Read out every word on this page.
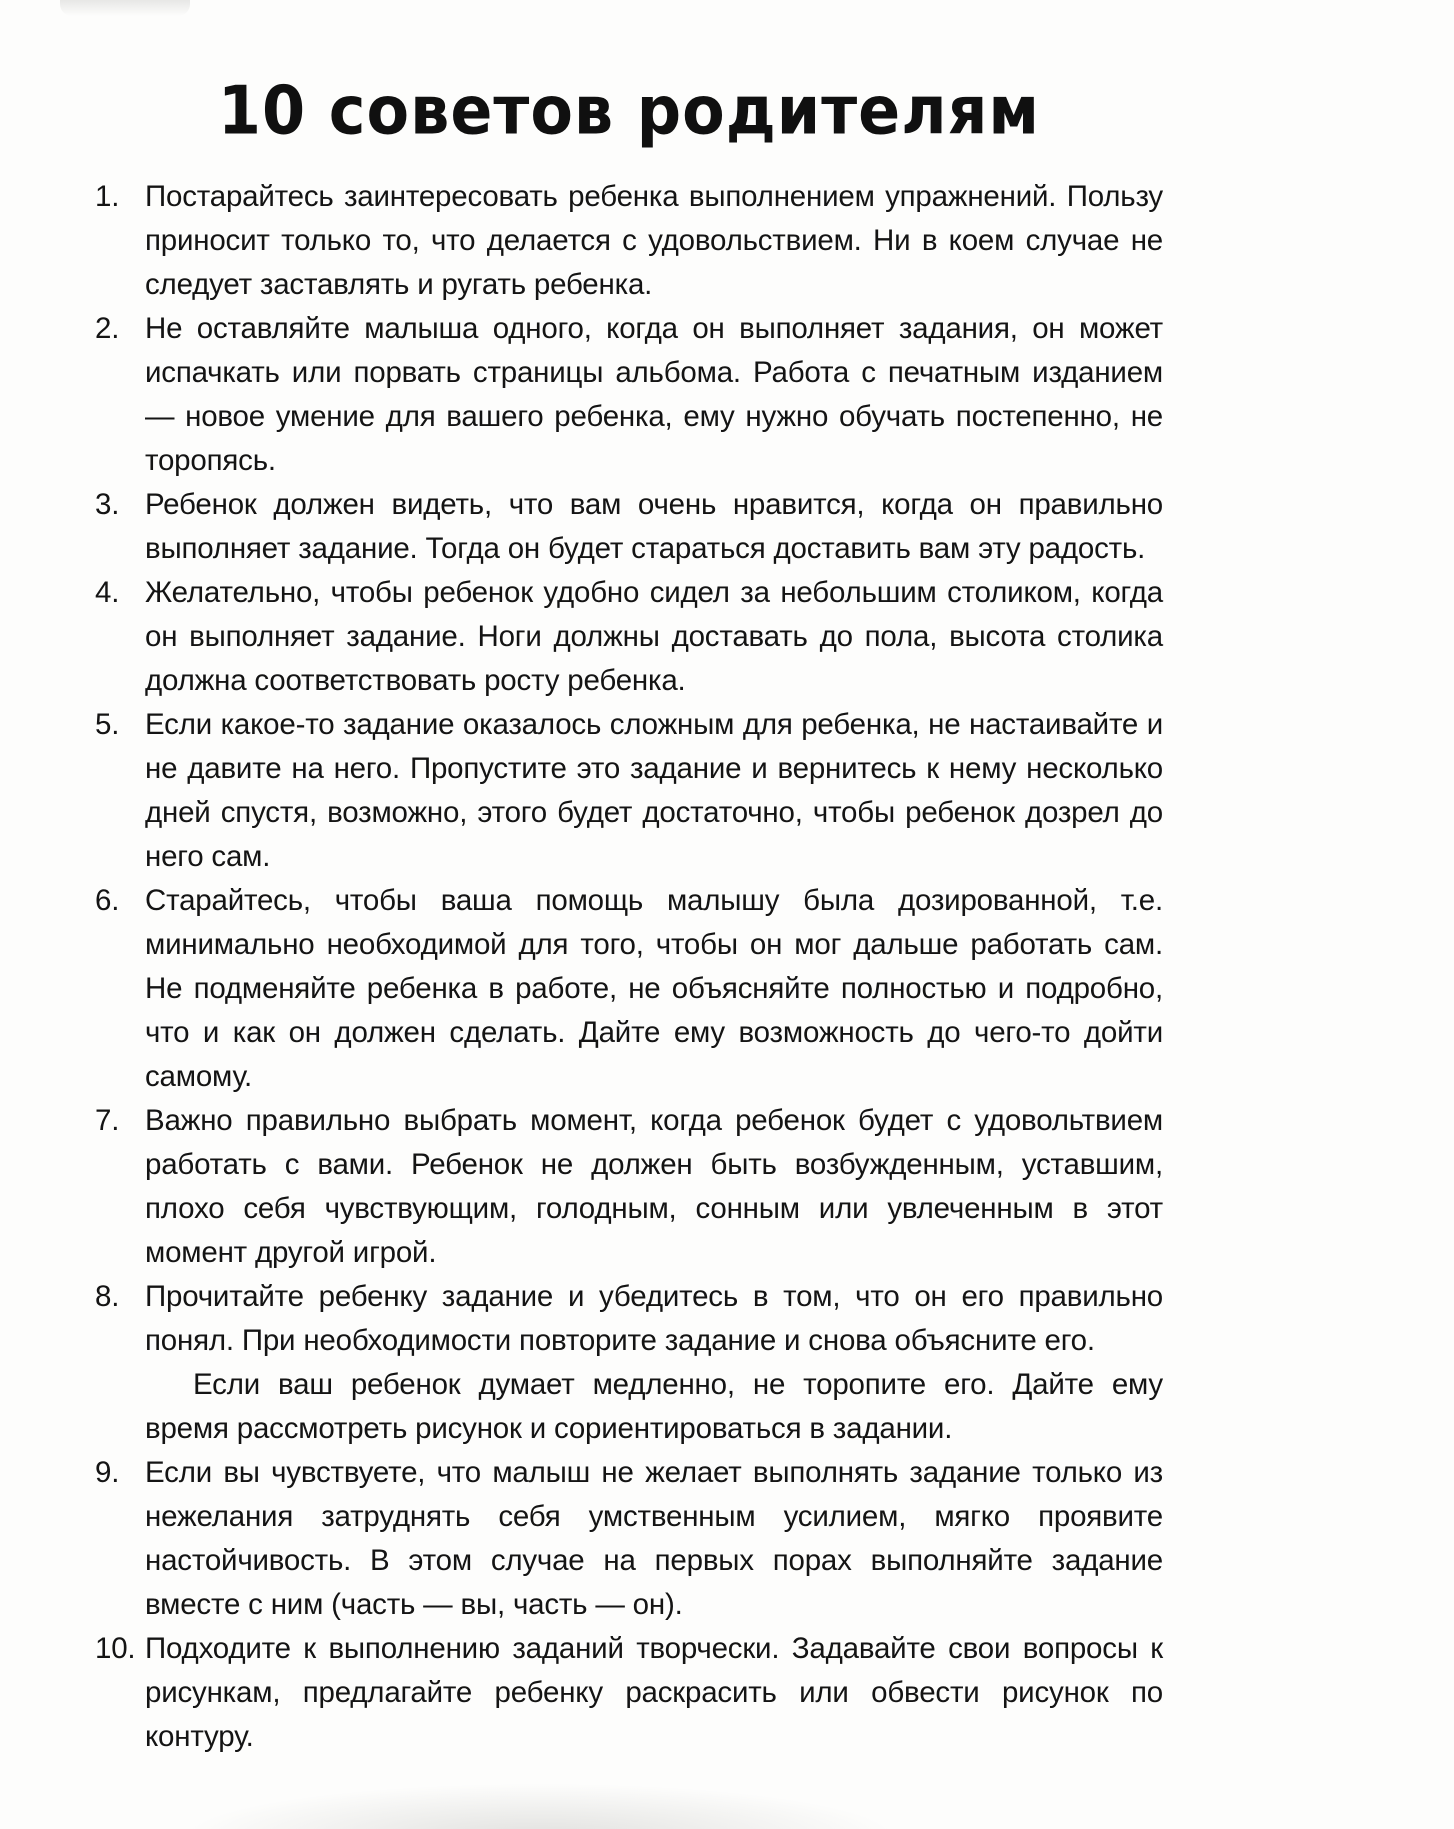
10 советов родителям
1. Постарайтесь заинтересовать ребенка выполнением упражнений. Пользу приносит только то, что делается с удовольствием. Ни в коем случае не следует заставлять и ругать ребенка.

2. Не оставляйте малыша одного, когда он выполняет задания, он может испачкать или порвать страницы альбома. Работа с печатным изданием — новое умение для вашего ребенка, ему нужно обучать постепенно, не торопясь.

3. Ребенок должен видеть, что вам очень нравится, когда он правильно выполняет задание. Тогда он будет стараться доставить вам эту радость.

4. Желательно, чтобы ребенок удобно сидел за небольшим столиком, когда он выполняет задание. Ноги должны доставать до пола, высота столика должна соответствовать росту ребенка.

5. Если какое-то задание оказалось сложным для ребенка, не настаивайте и не давите на него. Пропустите это задание и вернитесь к нему несколько дней спустя, возможно, этого будет достаточно, чтобы ребенок дозрел до него сам.

6. Старайтесь, чтобы ваша помощь малышу была дозированной, т.е. минимально необходимой для того, чтобы он мог дальше работать сам. Не подменяйте ребенка в работе, не объясняйте полностью и подробно, что и как он должен сделать. Дайте ему возможность до чего-то дойти самому.

7. Важно правильно выбрать момент, когда ребенок будет с удовольтвием работать с вами. Ребенок не должен быть возбужденным, уставшим, плохо себя чувствующим, голодным, сонным или увлеченным в этот момент другой игрой.

8. Прочитайте ребенку задание и убедитесь в том, что он его правильно понял. При необходимости повторите задание и снова объясните его.

Если ваш ребенок думает медленно, не торопите его. Дайте ему время рассмотреть рисунок и сориентироваться в задании.

9. Если вы чувствуете, что малыш не желает выполнять задание только из нежелания затруднять себя умственным усилием, мягко проявите настойчивость. В этом случае на первых порах выполняйте задание вместе с ним (часть — вы, часть — он).

10. Подходите к выполнению заданий творчески. Задавайте свои вопросы к рисункам, предлагайте ребенку раскрасить или обвести рисунок по контуру.
